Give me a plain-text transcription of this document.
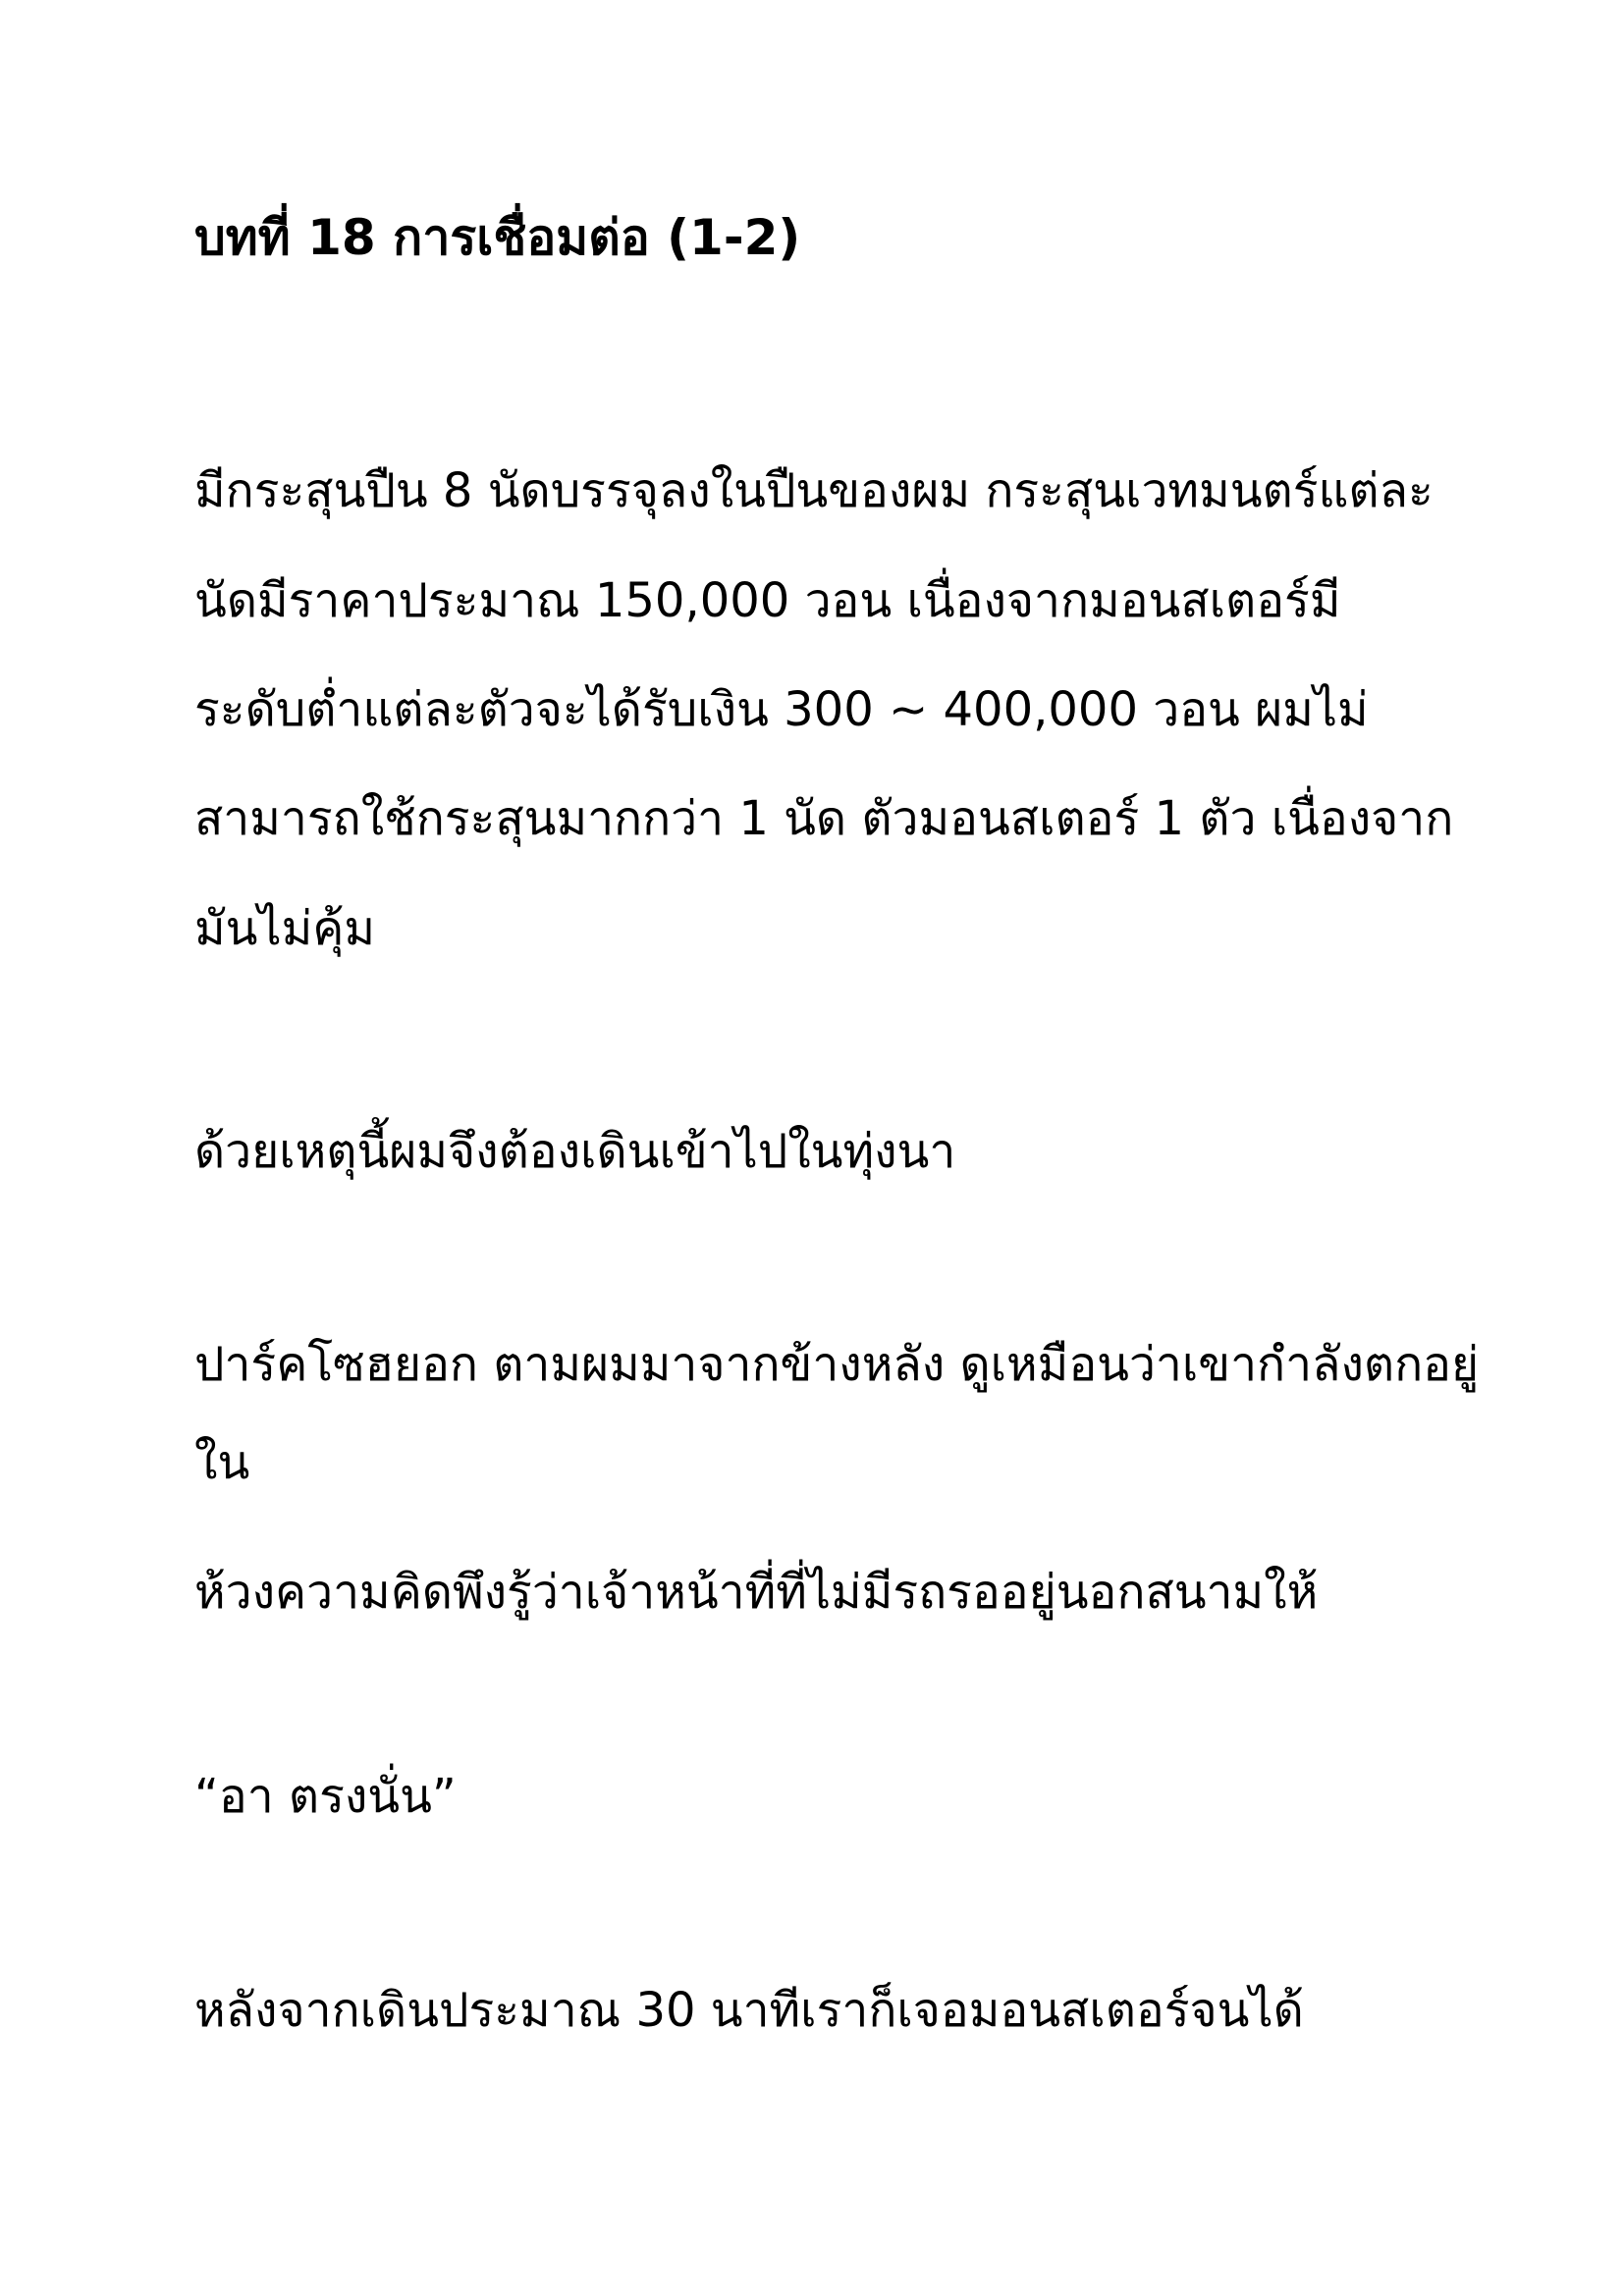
บทที่ 18 การเชื่อมต่อ (1-2)
มีกระสุนปืน 8 นัดบรรจุลงในปืนของผม กระสุนเวทมนตร์แต่ละ
นัดมีราคาประมาณ 150,000 วอน เนื่องจากมอนสเตอร์มี
ระดับต่ำแต่ละตัวจะได้รับเงิน 300 ~ 400,000 วอน ผมไม่
สามารถใช้กระสุนมากกว่า 1 นัด ตัวมอนสเตอร์ 1 ตัว เนื่องจาก
มันไม่คุ้ม
ด้วยเหตุนี้ผมจึงต้องเดินเข้าไปในทุ่งนา
ปาร์คโซฮยอก ตามผมมาจากข้างหลัง ดูเหมือนว่าเขากำลังตกอยู่
ใน
ห้วงความคิดพึงรู้ว่าเจ้าหน้าที่ที่ไม่มีรถรออยู่นอกสนามให้
“อา ตรงนั่น”
หลังจากเดินประมาณ 30 นาทีเราก็เจอมอนสเตอร์จนได้
